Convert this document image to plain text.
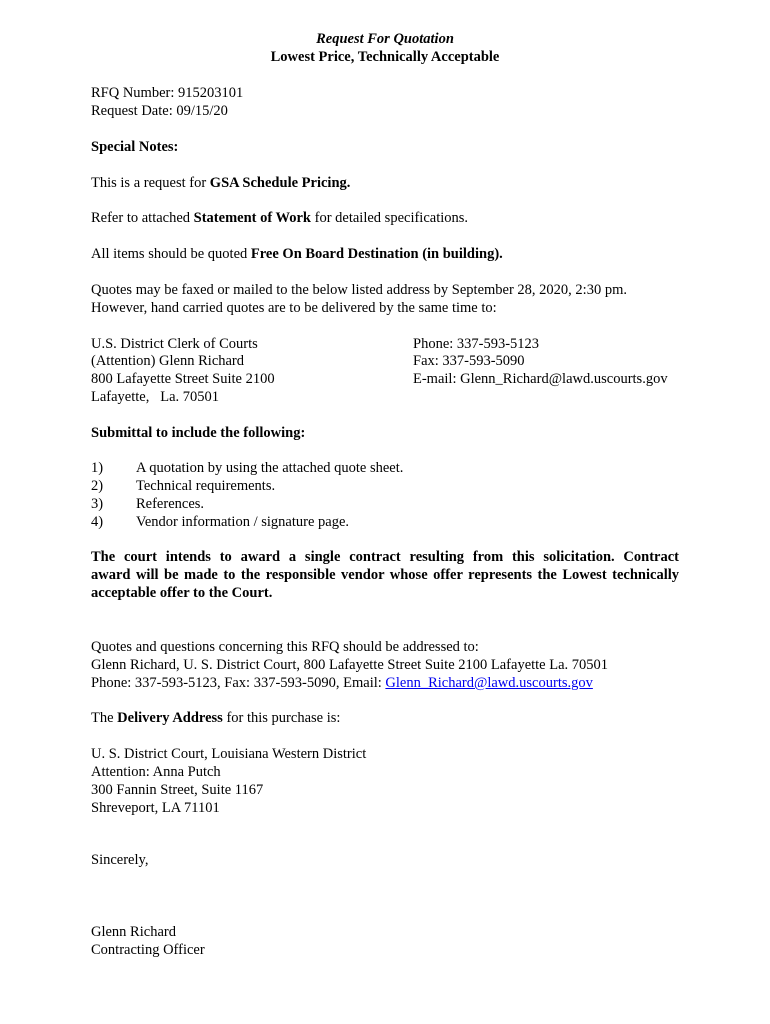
Request For Quotation
Lowest Price, Technically Acceptable
RFQ Number: 915203101
Request Date: 09/15/20
Special Notes:
This is a request for GSA Schedule Pricing.
Refer to attached Statement of Work for detailed specifications.
All items should be quoted Free On Board Destination (in building).
Quotes may be faxed or mailed to the below listed address by September 28, 2020, 2:30 pm.
However, hand carried quotes are to be delivered by the same time to:
U.S. District Clerk of Courts
(Attention) Glenn Richard
800 Lafayette Street Suite 2100
Lafayette,   La. 70501
Phone: 337-593-5123
Fax: 337-593-5090
E-mail: Glenn_Richard@lawd.uscourts.gov
Submittal to include the following:
1) A quotation by using the attached quote sheet.
2) Technical requirements.
3) References.
4) Vendor information / signature page.
The court intends to award a single contract resulting from this solicitation. Contract
award will be made to the responsible vendor whose offer represents the Lowest technically
acceptable offer to the Court.
Quotes and questions concerning this RFQ should be addressed to:
Glenn Richard, U. S. District Court, 800 Lafayette Street Suite 2100 Lafayette La. 70501
Phone: 337-593-5123, Fax: 337-593-5090, Email: Glenn_Richard@lawd.uscourts.gov
The Delivery Address for this purchase is:
U. S. District Court, Louisiana Western District
Attention: Anna Putch
300 Fannin Street, Suite 1167
Shreveport, LA 71101
Sincerely,
Glenn Richard
Contracting Officer
